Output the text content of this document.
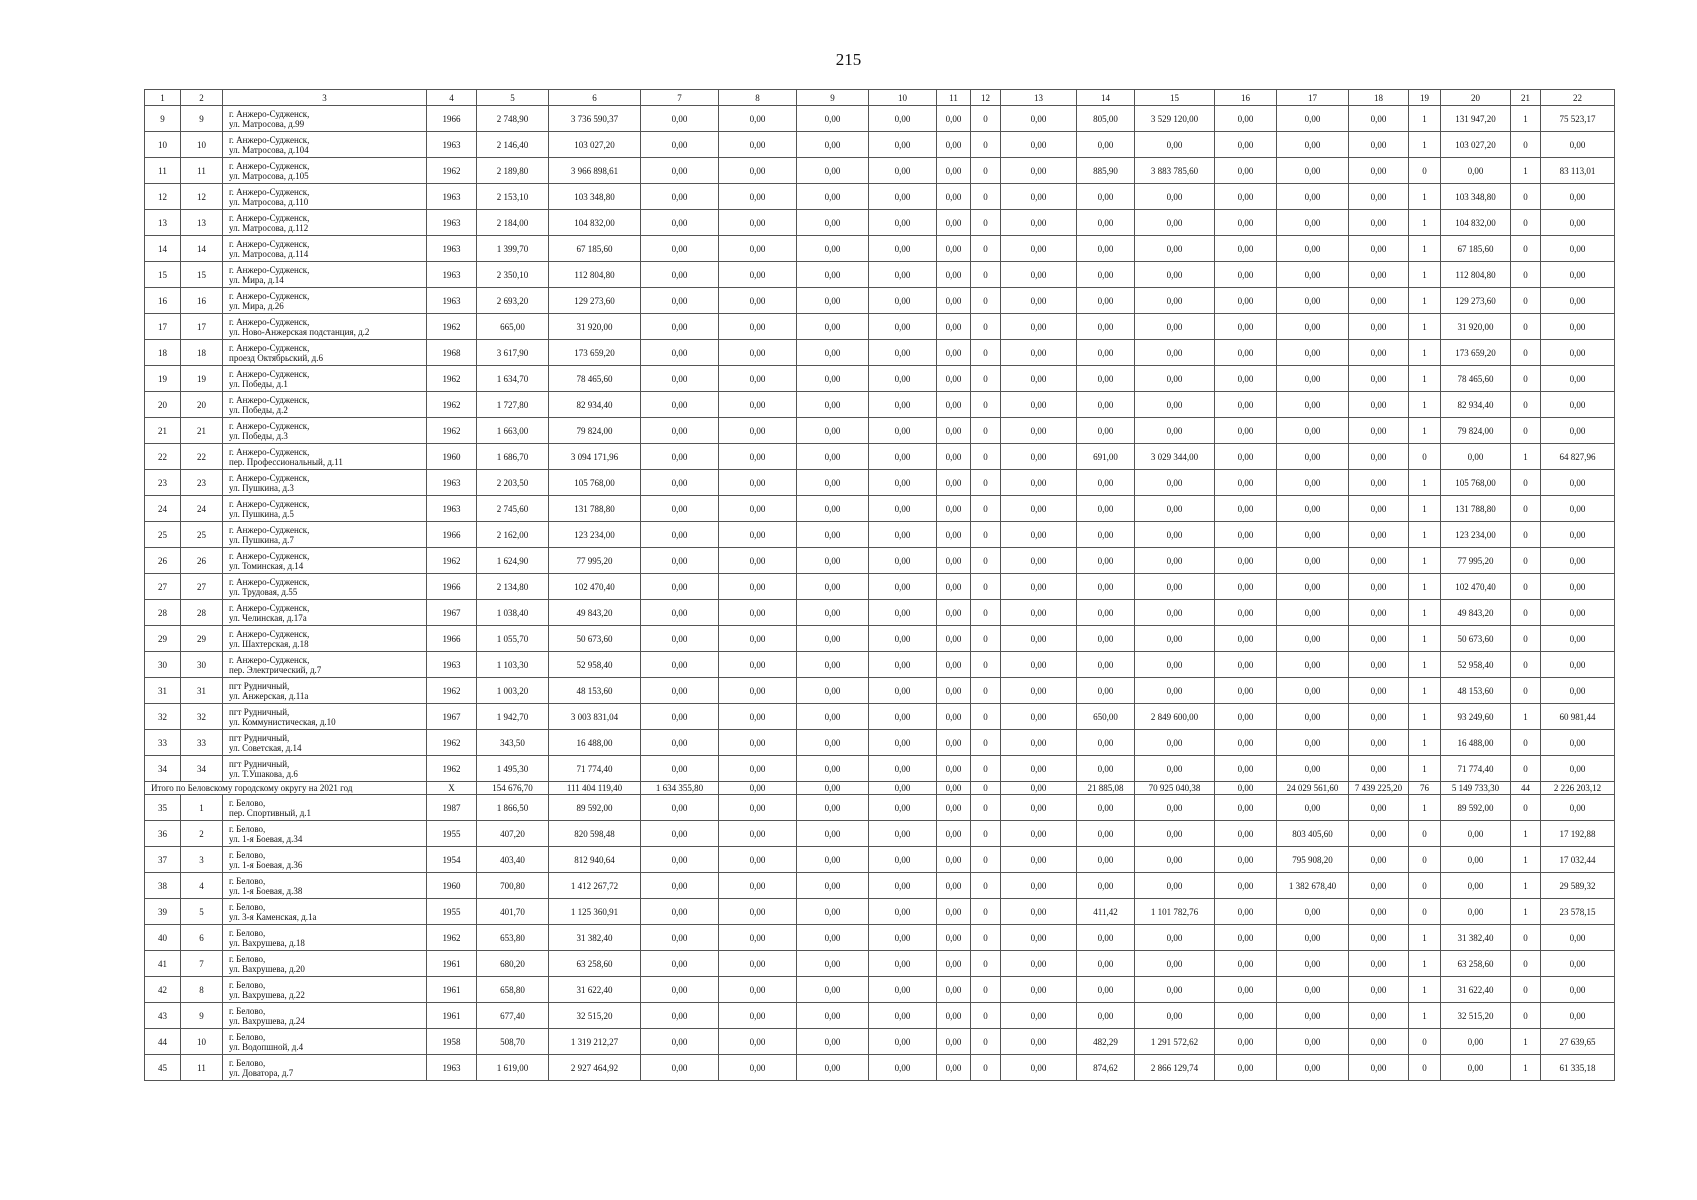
215
1	2	3	4	5	6	7	8	9	10	11	12	13	14	15	16	17	18	19	20	21	22
9	9	г. Анжеро-Судженск,
ул. Матросова, д.99	1966	2 748,90	3 736 590,37	0,00	0,00	0,00	0,00	0,00	0	0,00	805,00	3 529 120,00	0,00	0,00	0,00	1	131 947,20	1	75 523,17
10	10	г. Анжеро-Судженск,
ул. Матросова, д.104	1963	2 146,40	103 027,20	0,00	0,00	0,00	0,00	0,00	0	0,00	0,00	0,00	0,00	0,00	0,00	1	103 027,20	0	0,00
11	11	г. Анжеро-Судженск,
ул. Матросова, д.105	1962	2 189,80	3 966 898,61	0,00	0,00	0,00	0,00	0,00	0	0,00	885,90	3 883 785,60	0,00	0,00	0,00	0	0,00	1	83 113,01
12	12	г. Анжеро-Судженск,
ул. Матросова, д.110	1963	2 153,10	103 348,80	0,00	0,00	0,00	0,00	0,00	0	0,00	0,00	0,00	0,00	0,00	0,00	1	103 348,80	0	0,00
13	13	г. Анжеро-Судженск,
ул. Матросова, д.112	1963	2 184,00	104 832,00	0,00	0,00	0,00	0,00	0,00	0	0,00	0,00	0,00	0,00	0,00	0,00	1	104 832,00	0	0,00
14	14	г. Анжеро-Судженск,
ул. Матросова, д.114	1963	1 399,70	67 185,60	0,00	0,00	0,00	0,00	0,00	0	0,00	0,00	0,00	0,00	0,00	0,00	1	67 185,60	0	0,00
15	15	г. Анжеро-Судженск,
ул. Мира, д.14	1963	2 350,10	112 804,80	0,00	0,00	0,00	0,00	0,00	0	0,00	0,00	0,00	0,00	0,00	0,00	1	112 804,80	0	0,00
16	16	г. Анжеро-Судженск,
ул. Мира, д.26	1963	2 693,20	129 273,60	0,00	0,00	0,00	0,00	0,00	0	0,00	0,00	0,00	0,00	0,00	0,00	1	129 273,60	0	0,00
17	17	г. Анжеро-Судженск,
ул. Ново-Анжерская подстанция, д.2	1962	665,00	31 920,00	0,00	0,00	0,00	0,00	0,00	0	0,00	0,00	0,00	0,00	0,00	0,00	1	31 920,00	0	0,00
18	18	г. Анжеро-Судженск,
проезд Октябрьский, д.6	1968	3 617,90	173 659,20	0,00	0,00	0,00	0,00	0,00	0	0,00	0,00	0,00	0,00	0,00	0,00	1	173 659,20	0	0,00
19	19	г. Анжеро-Судженск,
ул. Победы, д.1	1962	1 634,70	78 465,60	0,00	0,00	0,00	0,00	0,00	0	0,00	0,00	0,00	0,00	0,00	0,00	1	78 465,60	0	0,00
20	20	г. Анжеро-Судженск,
ул. Победы, д.2	1962	1 727,80	82 934,40	0,00	0,00	0,00	0,00	0,00	0	0,00	0,00	0,00	0,00	0,00	0,00	1	82 934,40	0	0,00
21	21	г. Анжеро-Судженск,
ул. Победы, д.3	1962	1 663,00	79 824,00	0,00	0,00	0,00	0,00	0,00	0	0,00	0,00	0,00	0,00	0,00	0,00	1	79 824,00	0	0,00
22	22	г. Анжеро-Судженск,
пер. Профессиональный, д.11	1960	1 686,70	3 094 171,96	0,00	0,00	0,00	0,00	0,00	0	0,00	691,00	3 029 344,00	0,00	0,00	0,00	0	0,00	1	64 827,96
23	23	г. Анжеро-Судженск,
ул. Пушкина, д.3	1963	2 203,50	105 768,00	0,00	0,00	0,00	0,00	0,00	0	0,00	0,00	0,00	0,00	0,00	0,00	1	105 768,00	0	0,00
24	24	г. Анжеро-Судженск,
ул. Пушкина, д.5	1963	2 745,60	131 788,80	0,00	0,00	0,00	0,00	0,00	0	0,00	0,00	0,00	0,00	0,00	0,00	1	131 788,80	0	0,00
25	25	г. Анжеро-Судженск,
ул. Пушкина, д.7	1966	2 162,00	123 234,00	0,00	0,00	0,00	0,00	0,00	0	0,00	0,00	0,00	0,00	0,00	0,00	1	123 234,00	0	0,00
26	26	г. Анжеро-Судженск,
ул. Томинская, д.14	1962	1 624,90	77 995,20	0,00	0,00	0,00	0,00	0,00	0	0,00	0,00	0,00	0,00	0,00	0,00	1	77 995,20	0	0,00
27	27	г. Анжеро-Судженск,
ул. Трудовая, д.55	1966	2 134,80	102 470,40	0,00	0,00	0,00	0,00	0,00	0	0,00	0,00	0,00	0,00	0,00	0,00	1	102 470,40	0	0,00
28	28	г. Анжеро-Судженск,
ул. Челинская, д.17а	1967	1 038,40	49 843,20	0,00	0,00	0,00	0,00	0,00	0	0,00	0,00	0,00	0,00	0,00	0,00	1	49 843,20	0	0,00
29	29	г. Анжеро-Судженск,
ул. Шахтерская, д.18	1966	1 055,70	50 673,60	0,00	0,00	0,00	0,00	0,00	0	0,00	0,00	0,00	0,00	0,00	0,00	1	50 673,60	0	0,00
30	30	г. Анжеро-Судженск,
пер. Электрический, д.7	1963	1 103,30	52 958,40	0,00	0,00	0,00	0,00	0,00	0	0,00	0,00	0,00	0,00	0,00	0,00	1	52 958,40	0	0,00
31	31	пгт Рудничный,
ул. Анжерская, д.11а	1962	1 003,20	48 153,60	0,00	0,00	0,00	0,00	0,00	0	0,00	0,00	0,00	0,00	0,00	0,00	1	48 153,60	0	0,00
32	32	пгт Рудничный,
ул. Коммунистическая, д.10	1967	1 942,70	3 003 831,04	0,00	0,00	0,00	0,00	0,00	0	0,00	650,00	2 849 600,00	0,00	0,00	0,00	1	93 249,60	1	60 981,44
33	33	пгт Рудничный,
ул. Советская, д.14	1962	343,50	16 488,00	0,00	0,00	0,00	0,00	0,00	0	0,00	0,00	0,00	0,00	0,00	0,00	1	16 488,00	0	0,00
34	34	пгт Рудничный,
ул. Т.Ушакова, д.6	1962	1 495,30	71 774,40	0,00	0,00	0,00	0,00	0,00	0	0,00	0,00	0,00	0,00	0,00	0,00	1	71 774,40	0	0,00
Итого по Беловскому городскому округу на 2021 год			X	154 676,70	111 404 119,40	1 634 355,80	0,00	0,00	0,00	0,00	0	0,00	21 885,08	70 925 040,38	0,00	24 029 561,60	7 439 225,20	76	5 149 733,30	44	2 226 203,12
35	1	г. Белово,
пер. Спортивный, д.1	1987	1 866,50	89 592,00	0,00	0,00	0,00	0,00	0,00	0	0,00	0,00	0,00	0,00	0,00	0,00	1	89 592,00	0	0,00
36	2	г. Белово,
ул. 1-я Боевая, д.34	1955	407,20	820 598,48	0,00	0,00	0,00	0,00	0,00	0	0,00	0,00	0,00	0,00	803 405,60	0,00	0	0,00	1	17 192,88
37	3	г. Белово,
ул. 1-я Боевая, д.36	1954	403,40	812 940,64	0,00	0,00	0,00	0,00	0,00	0	0,00	0,00	0,00	0,00	795 908,20	0,00	0	0,00	1	17 032,44
38	4	г. Белово,
ул. 1-я Боевая, д.38	1960	700,80	1 412 267,72	0,00	0,00	0,00	0,00	0,00	0	0,00	0,00	0,00	0,00	1 382 678,40	0,00	0	0,00	1	29 589,32
39	5	г. Белово,
ул. 3-я Каменская, д.1а	1955	401,70	1 125 360,91	0,00	0,00	0,00	0,00	0,00	0	0,00	411,42	1 101 782,76	0,00	0,00	0,00	0	0,00	1	23 578,15
40	6	г. Белово,
ул. Вахрушева, д.18	1962	653,80	31 382,40	0,00	0,00	0,00	0,00	0,00	0	0,00	0,00	0,00	0,00	0,00	0,00	1	31 382,40	0	0,00
41	7	г. Белово,
ул. Вахрушева, д.20	1961	680,20	63 258,60	0,00	0,00	0,00	0,00	0,00	0	0,00	0,00	0,00	0,00	0,00	0,00	1	63 258,60	0	0,00
42	8	г. Белово,
ул. Вахрушева, д.22	1961	658,80	31 622,40	0,00	0,00	0,00	0,00	0,00	0	0,00	0,00	0,00	0,00	0,00	0,00	1	31 622,40	0	0,00
43	9	г. Белово,
ул. Вахрушева, д.24	1961	677,40	32 515,20	0,00	0,00	0,00	0,00	0,00	0	0,00	0,00	0,00	0,00	0,00	0,00	1	32 515,20	0	0,00
44	10	г. Белово,
ул. Водопшной, д.4	1958	508,70	1 319 212,27	0,00	0,00	0,00	0,00	0,00	0	0,00	482,29	1 291 572,62	0,00	0,00	0,00	0	0,00	1	27 639,65
45	11	г. Белово,
ул. Доватора, д.7	1963	1 619,00	2 927 464,92	0,00	0,00	0,00	0,00	0,00	0	0,00	874,62	2 866 129,74	0,00	0,00	0,00	0	0,00	1	61 335,18
